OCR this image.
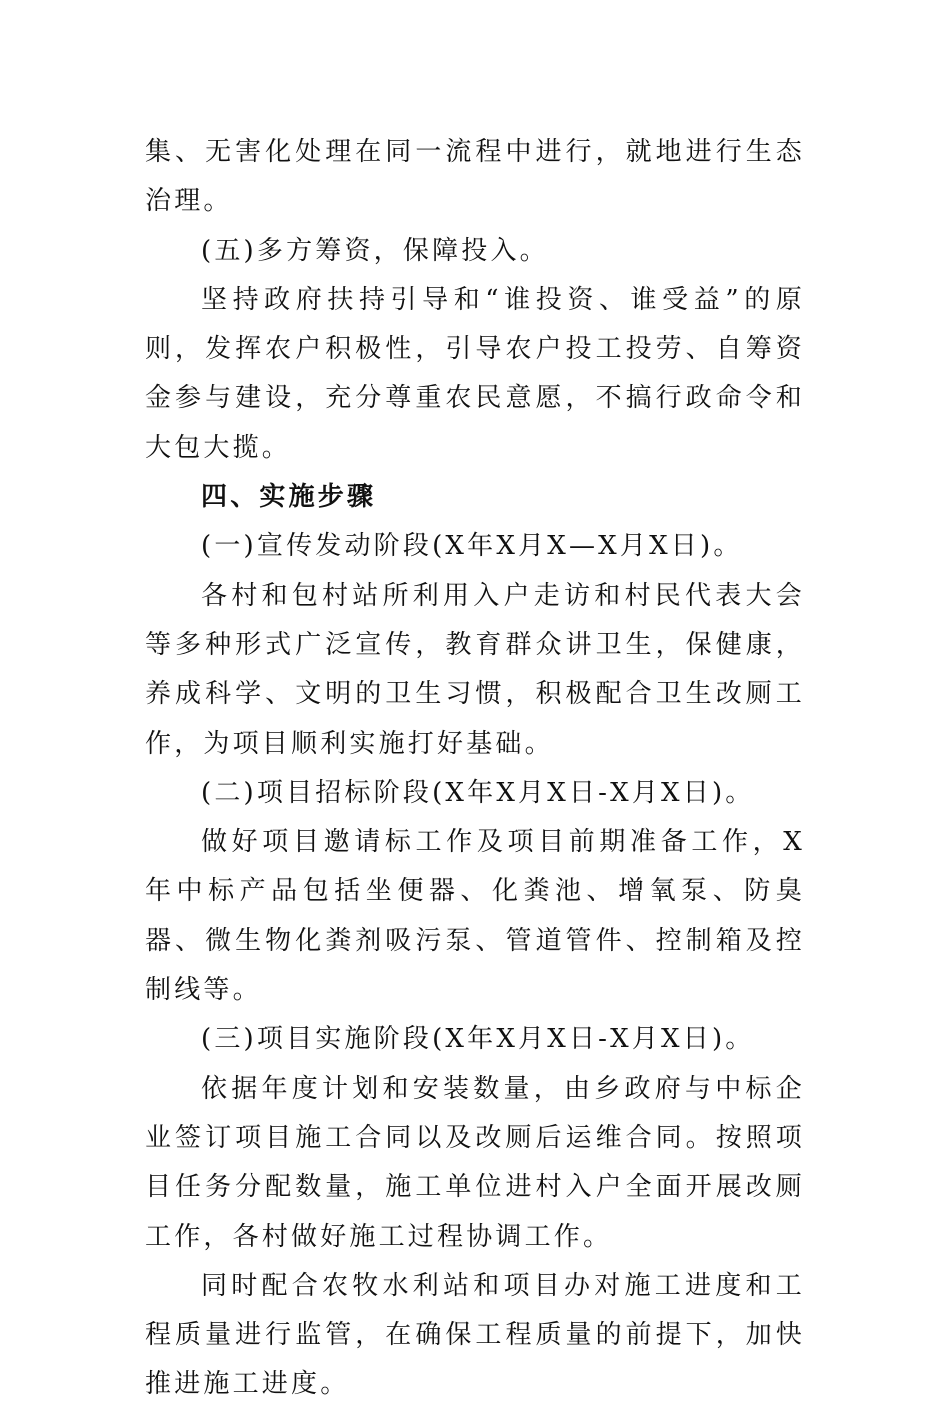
集、无害化处理在同一流程中进行，就地进行生态治理。

(五)多方筹资，保障投入。

坚持政府扶持引导和“谁投资、谁受益”的原则，发挥农户积极性，引导农户投工投劳、自筹资金参与建设，充分尊重农民意愿，不搞行政命令和大包大揽。

四、实施步骤

(一)宣传发动阶段(X年X月X—X月X日)。

各村和包村站所利用入户走访和村民代表大会等多种形式广泛宣传，教育群众讲卫生，保健康，养成科学、文明的卫生习惯，积极配合卫生改厕工作，为项目顺利实施打好基础。

(二)项目招标阶段(X年X月X日-X月X日)。

做好项目邀请标工作及项目前期准备工作，X年中标产品包括坐便器、化粪池、增氧泵、防臭器、微生物化粪剂吸污泵、管道管件、控制箱及控制线等。

(三)项目实施阶段(X年X月X日-X月X日)。

依据年度计划和安装数量，由乡政府与中标企业签订项目施工合同以及改厕后运维合同。按照项目任务分配数量，施工单位进村入户全面开展改厕工作，各村做好施工过程协调工作。

同时配合农牧水利站和项目办对施工进度和工程质量进行监管，在确保工程质量的前提下，加快推进施工进度。
